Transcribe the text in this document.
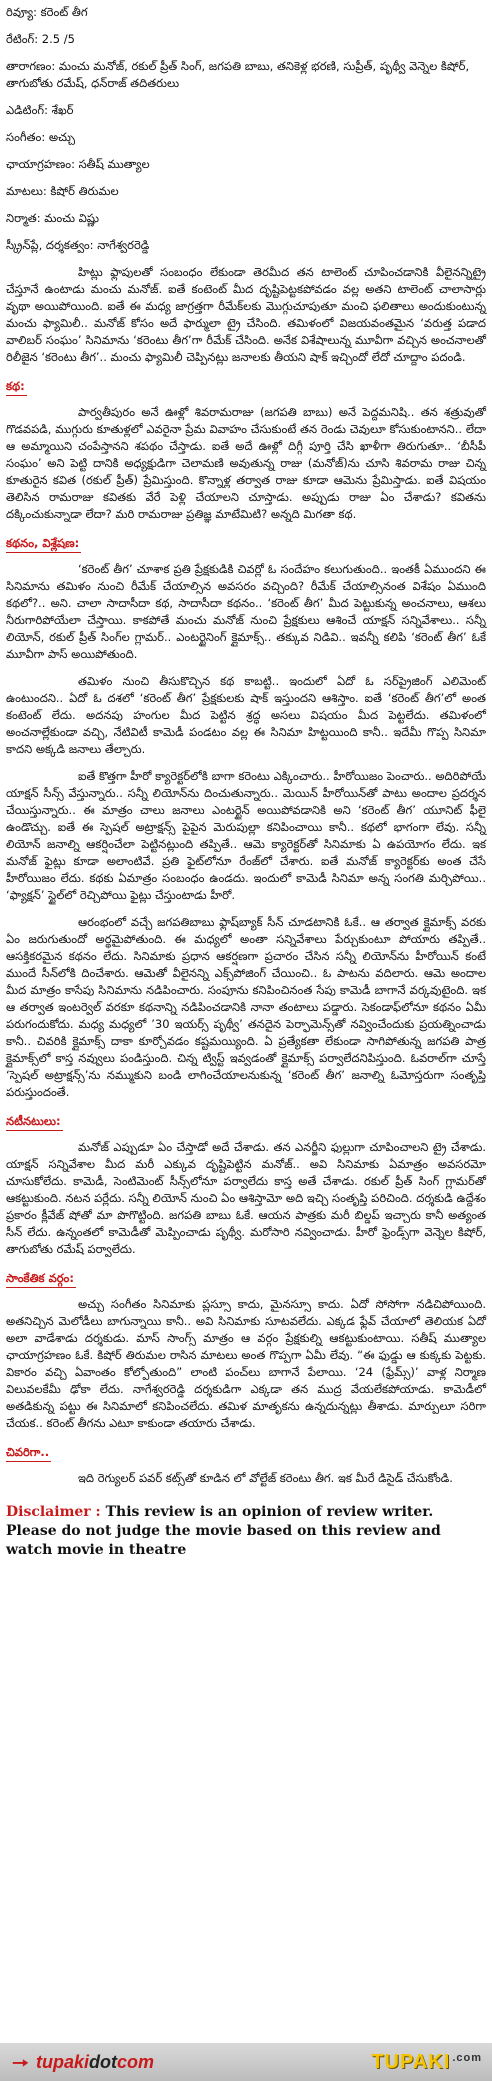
రివ్యూ: కరెంట్ తీగ

రేటింగ్: 2.5 /5

తారాగణం: మంచు మనోజ్, రకుల్ ప్రీత్ సింగ్, జగపతి బాబు, తనికెళ్ల భరణి, సుప్రీత్, పృథ్వీ వెన్నెల కిషోర్, తాగుబోతు రమేష్, ధన్‌రాజ్ తదితరులు

ఎడిటింగ్: శేఖర్

సంగీతం: అచ్చు

ఛాయాగ్రహణం: సతీష్ ముత్యాల

మాటలు: కిషోర్ తిరుమల

నిర్మాత: మంచు విష్ణు

స్క్రీన్‌ప్లే, దర్శకత్వం: నాగేశ్వరరెడ్డి

హిట్లు ఫ్లాపులతో సంబంధం లేకుండా తెరమీద తన టాలెంట్ చూపించడానికి వీలైనన్నిట్రై చేస్తూనే ఉంటాడు మంచు మనోజ్. ఐతే కంటెంట్ మీద దృష్టిపెట్టకపోవడం వల్ల అతని టాలెంట్ చాలాసార్లు వృథా అయిపోయింది. ఐతే ఈ మధ్య జాగ్రత్తగా రీమేక్‌లకు మొగ్గుచూపుతూ మంచి ఫలితాలు అందుకుంటున్న మంచు ఫ్యామిలీ.. మనోజ్ కోసం అదే ఫార్ములా ట్రై చేసింది. తమిళంలో విజయవంతమైన ‘వరుత్త పడాద వాలిబర్ సంఘం’ సినిమాను ‘కరెంటు తీగ’గా రీమేక్ చేసింది. అనేక విశేషాలున్న మూవీగా వచ్చిన అంచనాలతో రిలీజైన ‘కరెంటు తీగ’.. మంచు ఫ్యామిలీ చెప్పినట్లు జనాలకు తీయని షాక్ ఇచ్చిందో లేదో చూద్దాం పదండి.

కథ:

పార్వతీపురం అనే ఊళ్లో శివరామరాజు (జగపతి బాబు) అనే పెద్దమనిషి.. తన శత్రువుతో గొడవపడి, ముగ్గురు కూతుళ్లలో ఎవరైనా ప్రేమ వివాహం చేసుకుంటే తన రెండు చెవులూ కోసుకుంటానని.. లేదా ఆ అమ్మాయిని చంపేస్తానని శపథం చేస్తాడు. ఐతే అదే ఊళ్లో దిగ్గీ పూర్తి చేసి ఖాళీగా తిరుగుతూ.. ‘బీసీపీ సంఘం’ అని పెట్టి దానికి అధ్యక్షుడిగా చెలామణి అవుతున్న రాజు (మనోజ్)ను చూసి శివరామ రాజు చిన్న కూతురైన కవిత (రకుల్ ప్రీత్) ప్రేమిస్తుంది. కొన్నాళ్ల తర్వాత రాజు కూడా ఆమెను ప్రేమిస్తాడు. ఐతే విషయం తెలిసిన రామరాజు కవితకు వేరే పెళ్లి చేయాలని చూస్తాడు. అప్పుడు రాజు ఏం చేశాడు? కవితను దక్కించుకున్నాడా లేదా? మరి రామరాజు ప్రతిజ్ఞ మాటేమిటి? అన్నది మిగతా కథ.

కథనం, విశ్లేషణ:

‘కరెంట్ తీగ’ చూశాక ప్రతి ప్రేక్షకుడికి చివర్లో ఓ సందేహం కలుగుతుంది.. ఇంతకీ ఏముందని ఈ సినిమాను తమిళం నుంచి రీమేక్ చేయాల్సిన అవసరం వచ్చింది? రీమేక్ చేయాల్సినంత విశేషం ఏముంది కథలో?.. అని. చాలా సాదాసీదా కథ, సాదాసీదా కథనం.. ‘కరెంట్ తీగ’ మీద పెట్టుకున్న అంచనాలు, ఆశలు నీరుగారిపోయేలా చేస్తాయి. కాకపోతే మంచు మనోజ్ నుంచి ప్రేక్షకులు ఆశించే యాక్షన్ సన్నివేశాలు.. సన్నీ లియోన్, రకుల్ ప్రీత్ సింగ్‌ల గ్లామర్.. ఎంటర్టైనింగ్ క్లైమాక్స్.. తక్కువ నిడివి.. ఇవన్నీ కలిపి ‘కరెంట్ తీగ’ ఓకే మూవీగా పాస్ అయిపోతుంది.

తమిళం నుంచి తీసుకొచ్చిన కథ కాబట్టి.. ఇందులో ఏదో ఓ సర్‌ప్రైజింగ్ ఎలిమెంట్ ఉంటుందని.. ఏదో ఓ దశలో ‘కరెంట్ తీగ’ ప్రేక్షకులకు షాక్ ఇస్తుందని ఆశిస్తాం. ఐతే ‘కరెంట్ తీగ’లో అంత కంటెంట్ లేదు. అదనపు హంగుల మీద పెట్టిన శ్రద్ధ అసలు విషయం మీద పెట్టలేదు. తమిళంలో అంచనాల్లేకుండా వచ్చి, నేటివిటీ కామెడీ పండటం వల్ల ఈ సినిమా హిట్టయింది కానీ.. ఇదేమీ గొప్ప సినిమా కాదని అక్కడి జనాలు తేల్చారు.

ఐతే కొత్తగా హీరో క్యారెక్టర్‌లోకి బాగా కరెంటు ఎక్కించారు.. హీరోయిజం పెంచారు.. అదిరిపోయే యాక్షన్ సీన్స్ వేస్తున్నారు.. సన్నీ లియోన్‌ను దించుతున్నారు.. మెయిన్ హీరోయిన్‌తో పాటు అందాల ప్రదర్శన చేయిస్తున్నారు.. ఈ మాత్రం చాలు జనాలు ఎంటర్టైన్ అయిపోవడానికి అని ‘కరెంట్ తీగ’ యూనిట్ ఫీలై ఉండొచ్చు. ఐతే ఈ స్పెషల్ అట్రాక్షన్స్ పైపైన మెరుపుల్లా కనిపించాయి కానీ.. కథలో భాగంగా లేవు. సన్నీ లియోన్ జనాల్ని ఆకర్షించేలా పెట్టినట్లుంది తప్పితే.. ఆమె క్యారెక్టర్‌తో సినిమాకు ఏ ఉపయోగం లేదు. ఇక మనోజ్ ఫైట్లు కూడా అలాంటివే. ప్రతి ఫైట్‌లోనూ రేంజ్‌లో చేశారు. ఐతే మనోజ్ క్యారెక్టర్‌కు అంత చేసే హీరోయిజం లేదు. కథకు ఏమాత్రం సంబంధం ఉండదు. ఇందులో కామెడీ సినిమా అన్న సంగతి మర్చిపోయి.. ‘ఫ్యాక్షన్’ స్టైల్‌లో రెచ్చిపోయి ఫైట్లు చేస్తుంటాడు హీరో.

ఆరంభంలో వచ్చే జగపతిబాబు ఫ్లాష్‌బ్యాక్ సీన్ చూడటానికి ఓకే.. ఆ తర్వాత క్లైమాక్స్ వరకు ఏం జరుగుతుందో అర్థమైపోతుంది. ఈ మధ్యలో అంతా సన్నివేశాలు పేర్చుకుంటూ పోయారు తప్పితే.. ఆసక్తికరమైన కథనం లేదు. సినిమాకు ప్రధాన ఆకర్షణగా ప్రచారం చేసిన సన్నీ లియోన్‌ను హీరోయిన్ కంటే ముందే సీన్‌లోకి దించేశారు. ఆమెతో వీలైనన్ని ఎక్స్‌పోజింగ్ చేయించి.. ఓ పాటను వదిలారు. ఆమె అందాల మీద మాత్రం కాసేపు సినిమాను నడిపించారు. సంపూను కనిపించినంత సేపు కామెడీ బాగానే వర్కవుటైంది. ఇక ఆ తర్వాత ఇంటర్వెల్ వరకూ కథనాన్ని నడిపించడానికి నానా తంటాలు పడ్డారు. సెకండాఫ్‌లోనూ కథనం ఏమీ పరుగందుకోదు. మధ్య మధ్యలో ’30 ఇయర్స్ పృథ్వీ’ తనదైన పెర్ఫామెన్స్‌తో నవ్వించేందుకు ప్రయత్నించాడు కానీ.. చివరికి క్లైమాక్స్ దాకా కూర్చోవడం కష్టమయ్యింది. ఏ ప్రత్యేకతా లేకుండా సాగిపోతున్న జగపతి పాత్ర క్లైమాక్స్‌లో కాస్త నవ్వులు పండిస్తుంది. చిన్న ట్విస్ట్ ఇవ్వడంతో క్లైమాక్స్ పర్వాలేదనిపిస్తుంది. ఓవరాల్‌గా చూస్తే ‘స్పెషల్ అట్రాక్షన్స్’ను నమ్ముకుని బండి లాగించేయాలనుకున్న ‘కరెంట్ తీగ’ జనాల్ని ఓమోస్తరుగా సంతృప్తి పరుస్తుందంతే.

నటీనటులు:

మనోజ్ ఎప్పుడూ ఏం చేస్తాడో అదే చేశాడు. తన ఎనర్జీని ఫుల్లుగా చూపించాలని ట్రై చేశాడు. యాక్షన్ సన్నివేశాల మీద మరీ ఎక్కువ దృష్టిపెట్టిన మనోజ్.. అవి సినిమాకు ఏమాత్రం అవసరమో చూసుకోలేదు. కామెడీ, సెంటిమెంట్ సీన్స్‌లోనూ పర్వాలేదు కాస్త అతే చేశాడు. రకుల్ ప్రీత్ సింగ్ గ్లామర్‌తో ఆకట్టుకుంది. నటన పర్లేదు. సన్నీ లియోన్ నుంచి ఏం ఆశిస్తామో అది ఇచ్చి సంతృప్తి పరిచింది. దర్శకుడి ఉద్దేశం ప్రకారం క్లీవేజ్ షోతో మా పొగొట్టింది. జగపతి బాబు ఓకే. ఆయన పాత్రకు మరీ బిల్డప్ ఇచ్చారు కానీ అత్యంత సీన్ లేదు. ఉన్నంతలో కామెడీతో మెప్పించాడు పృథ్వీ. మరోసారి నవ్వించాడు. హీరో ఫ్రెండ్స్‌గా వెన్నెల కిషోర్, తాగుబోతు రమేష్ పర్వాలేదు.

సాంకేతిక వర్గం:

అచ్చు సంగీతం సినిమాకు ప్లస్సూ కాదు, మైనస్సూ కాదు. ఏదో సోసోగా నడిచిపోయింది. అతనిచ్చిన మెలోడీలు బాగున్నాయి కానీ.. అవి సినిమాకు సూటవలేదు. ఎక్కడ ఫ్లేవ్ చేయాలో తెలియక ఏదో అలా వాడేశాడు దర్శకుడు. మాస్ సాంగ్స్ మాత్రం ఆ వర్గం ప్రేక్షకుల్ని ఆకట్టుకుంటాయి. సతీష్ ముత్యాల ఛాయాగ్రహణం ఓకే. కిషోర్ తిరుమల రాసిన మాటలు అంత గొప్పగా ఏమీ లేవు. “ఈ ఫుడ్డు ఆ కుక్కకు పెట్టకు. వికారం వచ్చి ఏవాంతం కోల్పోతుంది” లాంటి పంచ్‌లు బాగానే పేలాయి. ‘24 (ఫ్రేమ్స్)’ వాళ్ల నిర్మాణ విలువలకేమీ ఢోకా లేదు. నాగేశ్వరరెడ్డి దర్శకుడిగా ఎక్కడా తన ముద్ర వేయలేకపోయాడు. కామెడీలో అతడికున్న పట్టు ఈ సినిమాలో కనిపించలేదు. తమిళ మాతృకను ఉన్నదున్నట్లు తీశాడు. మార్పులూ సరిగా చేయక.. కరెంట్ తీగను ఎటూ కాకుండా తయారు చేశాడు.

చివరిగా..

ఇది రెగ్యులర్ పవర్ కట్స్‌తో కూడిన లో వోల్టేజ్ కరెంటు తీగ. ఇక మీరే డిసైడ్ చేసుకోండి.

Disclaimer : This review is an opinion of review writer. Please do not judge the movie based on this review and watch movie in theatre

tupaki dot com	TUPAKI .com
